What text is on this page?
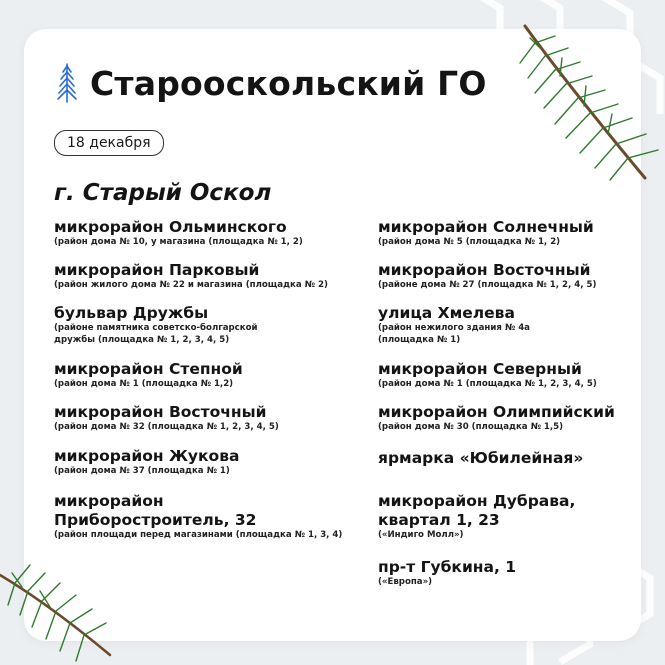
Старооскольский ГО
18 декабря
г. Старый Оскол
микрорайон Ольминского
(район дома № 10, у магазина (площадка № 1, 2)
микрорайон Парковый
(район жилого дома № 22 и магазина (площадка № 2)
бульвар Дружбы
(районе памятника советско-болгарской
дружбы (площадка № 1, 2, 3, 4, 5)
микрорайон Степной
(район дома № 1 (площадка № 1,2)
микрорайон Восточный
(район дома № 32 (площадка № 1, 2, 3, 4, 5)
микрорайон Жукова
(район дома № 37 (площадка № 1)
микрорайон
Приборостроитель, 32
(район площади перед магазинами (площадка № 1, 3, 4)
микрорайон Солнечный
(район дома № 5 (площадка № 1, 2)
микрорайон Восточный
(районе дома № 27 (площадка № 1, 2, 4, 5)
улица Хмелева
(район нежилого здания № 4а
(площадка № 1)
микрорайон Северный
(район дома № 1 (площадка № 1, 2, 3, 4, 5)
микрорайон Олимпийский
(район дома № 30 (площадка № 1,5)
ярмарка «Юбилейная»
микрорайон Дубрава,
квартал 1, 23
(«Индиго Молл»)
пр-т Губкина, 1
(«Европа»)
